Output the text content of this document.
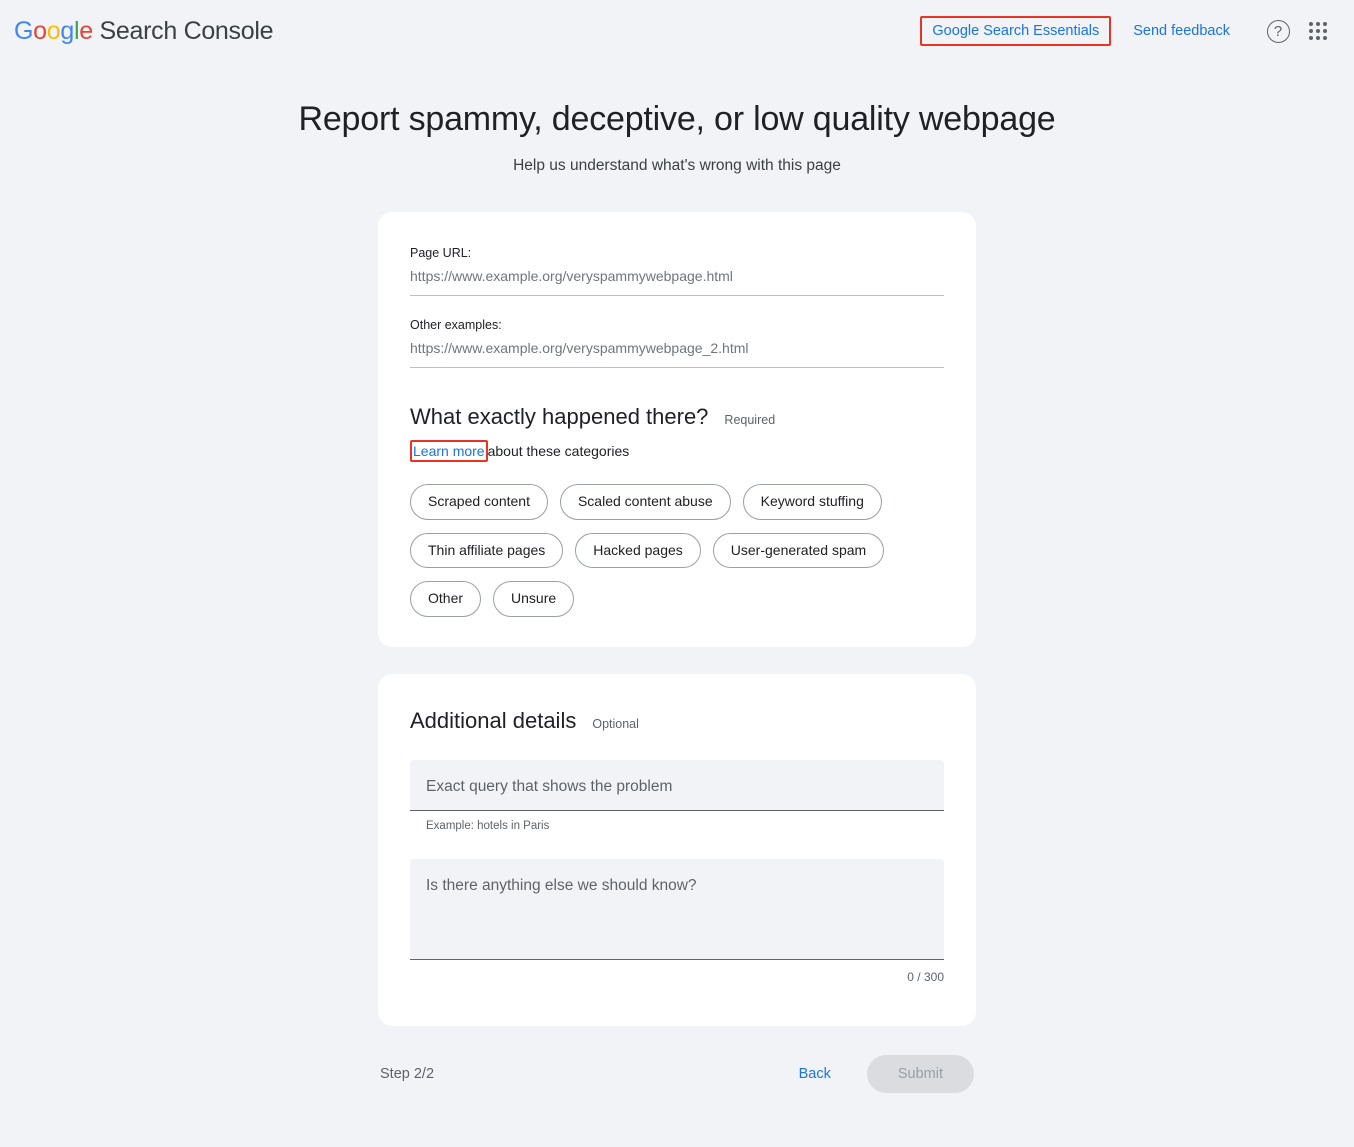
Google Search Console	Google Search Essentials	Send feedback	?
Report spammy, deceptive, or low quality webpage

Help us understand what's wrong with this page

Page URL:
https://www.example.org/veryspammywebpage.html
Other examples:
https://www.example.org/veryspammywebpage_2.html
What exactly happened there? Required
Learn more about these categories
Scraped content	Scaled content abuse	Keyword stuffing
Thin affiliate pages	Hacked pages	User-generated spam
Other	Unsure
Additional details Optional
Exact query that shows the problem
Example: hotels in Paris
Is there anything else we should know?
0 / 300
Step 2/2	Back	Submit
